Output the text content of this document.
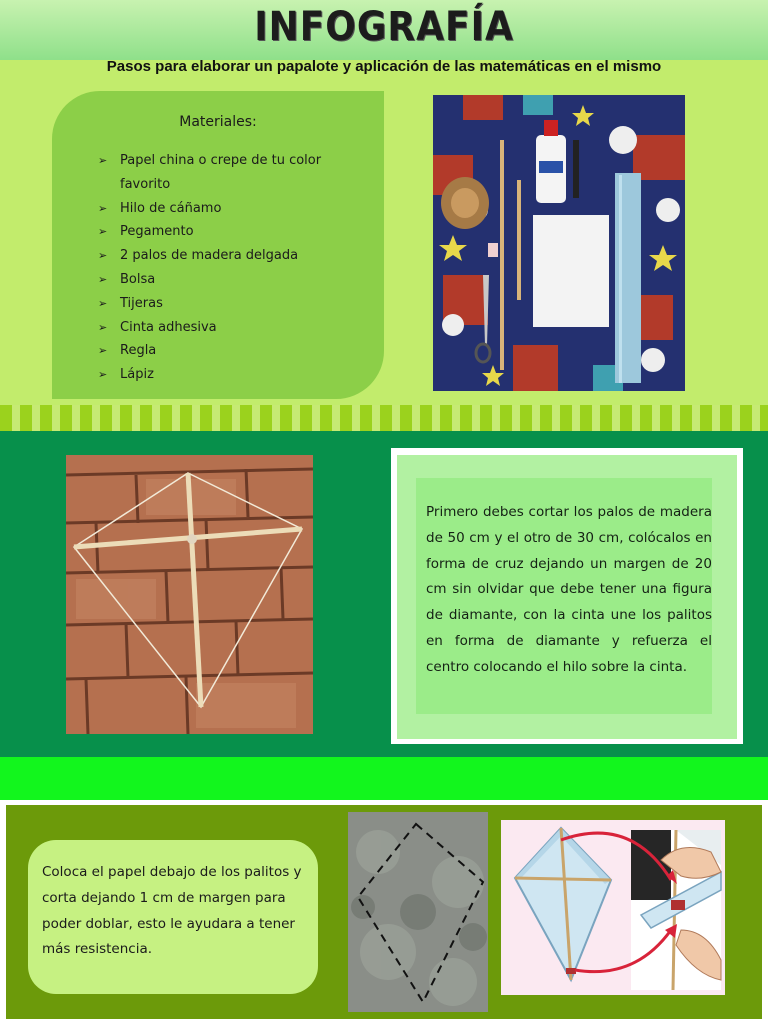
INFOGRAFÍA
Pasos para elaborar un papalote y aplicación de las matemáticas en el mismo
Materiales:
➢ Papel china o crepe de tu color
favorito
➢ Hilo de cáñamo
➢ Pegamento
➢ 2 palos de madera delgada
➢ Bolsa
➢ Tijeras
➢ Cinta adhesiva
➢ Regla
➢ Lápiz
Primero debes cortar los palos de madera de 50 cm y el otro de 30 cm, colócalos en forma de cruz dejando un margen de 20 cm sin olvidar que debe tener una figura de diamante, con la cinta une los palitos en forma de diamante y refuerza el centro colocando el hilo sobre la cinta.
Coloca el papel debajo de los palitos y corta dejando 1 cm de margen para poder doblar, esto le ayudara a tener más resistencia.
